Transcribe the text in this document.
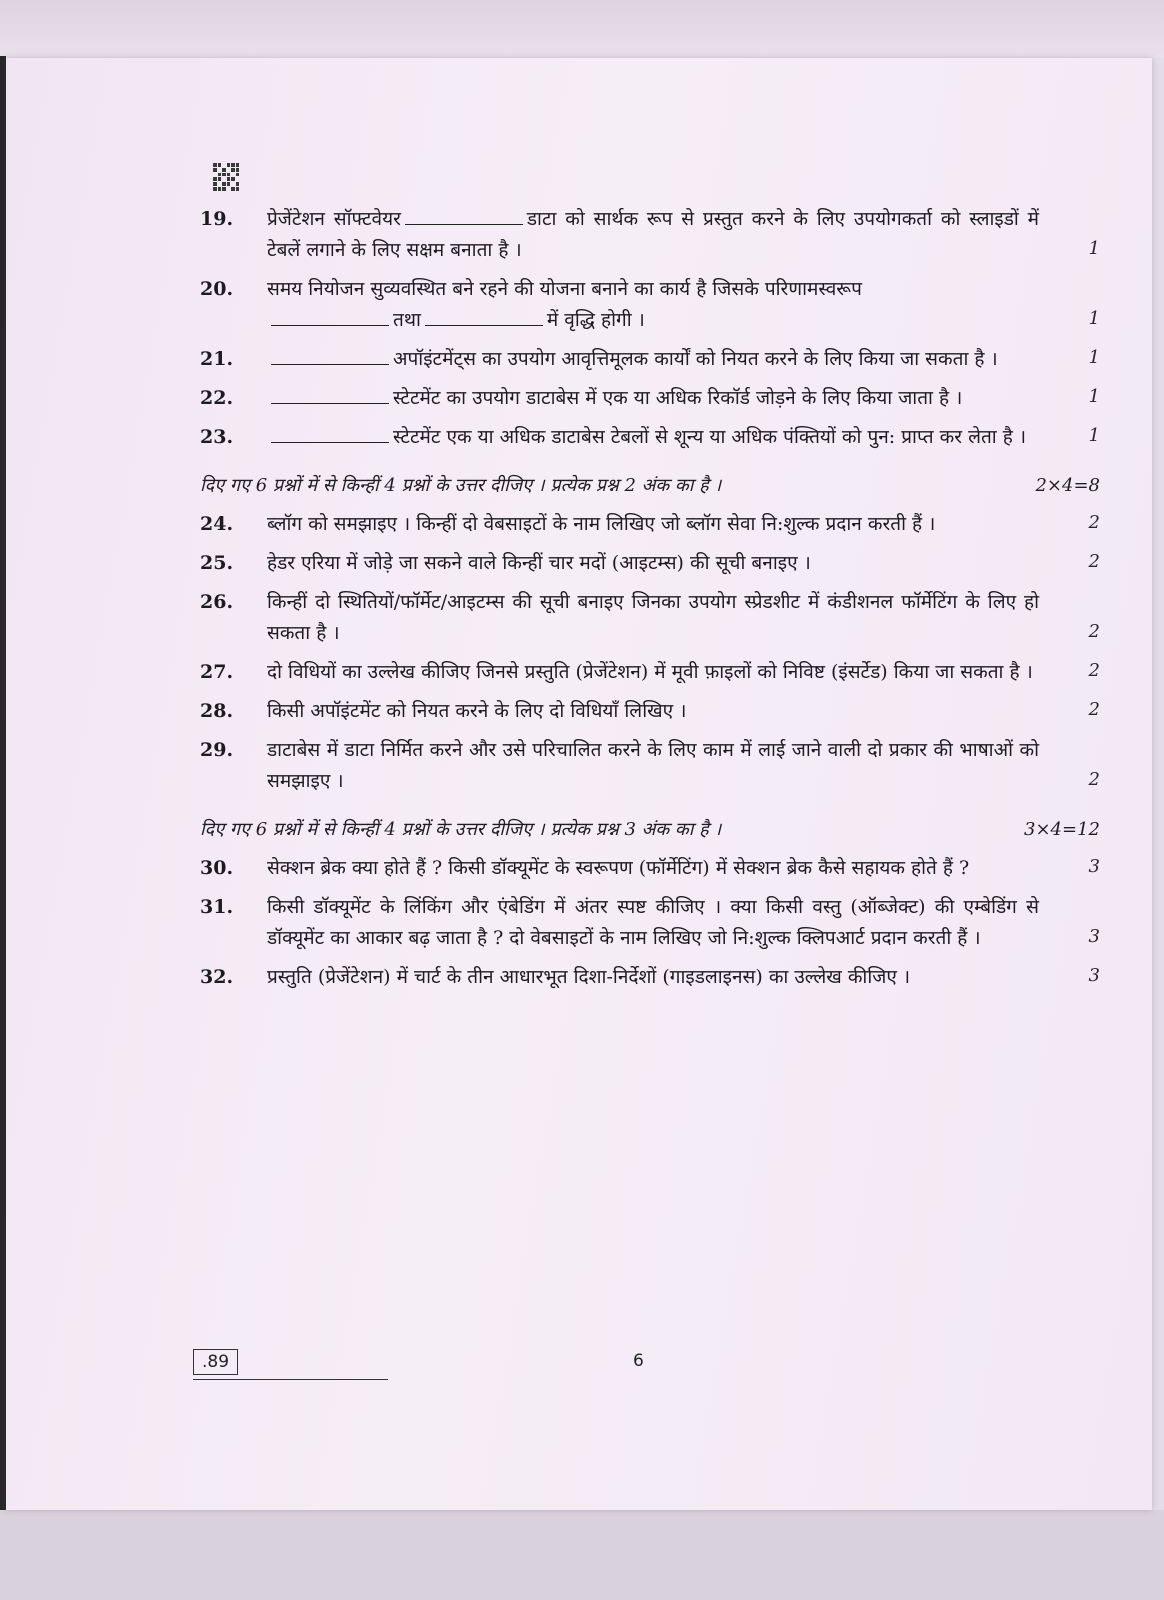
19.	प्रेजेंटेशन सॉफ्टवेयर	डाटा को सार्थक रूप से प्रस्तुत करने के लिए उपयोगकर्ता को स्लाइडों में टेबलें लगाने के लिए सक्षम बनाता है ।	1
20.	समय नियोजन सुव्यवस्थित बने रहने की योजना बनाने का कार्य है जिसके परिणामस्वरूप
तथा	में वृद्धि होगी ।	1
21.	अपॉइंटमेंट्स का उपयोग आवृत्तिमूलक कार्यों को नियत करने के लिए किया जा सकता है ।	1
22.	स्टेटमेंट का उपयोग डाटाबेस में एक या अधिक रिकॉर्ड जोड़ने के लिए किया जाता है ।	1
23.	स्टेटमेंट एक या अधिक डाटाबेस टेबलों से शून्य या अधिक पंक्तियों को पुन: प्राप्त कर लेता है ।	1
दिए गए 6 प्रश्नों में से किन्हीं 4 प्रश्नों के उत्तर दीजिए । प्रत्येक प्रश्न 2 अंक का है ।	2×4=8
24.	ब्लॉग को समझाइए । किन्हीं दो वेबसाइटों के नाम लिखिए जो ब्लॉग सेवा नि:शुल्क प्रदान करती हैं ।	2
25.	हेडर एरिया में जोड़े जा सकने वाले किन्हीं चार मदों (आइटम्स) की सूची बनाइए ।	2
26.	किन्हीं दो स्थितियों/फॉर्मेट/आइटम्स की सूची बनाइए जिनका उपयोग स्प्रेडशीट में कंडीशनल फॉर्मेटिंग के लिए हो सकता है ।	2
27.	दो विधियों का उल्लेख कीजिए जिनसे प्रस्तुति (प्रेजेंटेशन) में मूवी फ़ाइलों को निविष्ट (इंसर्टेड) किया जा सकता है ।	2
28.	किसी अपॉइंटमेंट को नियत करने के लिए दो विधियाँ लिखिए ।	2
29.	डाटाबेस में डाटा निर्मित करने और उसे परिचालित करने के लिए काम में लाई जाने वाली दो प्रकार की भाषाओं को समझाइए ।	2
दिए गए 6 प्रश्नों में से किन्हीं 4 प्रश्नों के उत्तर दीजिए । प्रत्येक प्रश्न 3 अंक का है ।	3×4=12
30.	सेक्शन ब्रेक क्या होते हैं ? किसी डॉक्यूमेंट के स्वरूपण (फॉर्मेटिंग) में सेक्शन ब्रेक कैसे सहायक होते हैं ?	3
31.	किसी डॉक्यूमेंट के लिंकिंग और एंबेडिंग में अंतर स्पष्ट कीजिए । क्या किसी वस्तु (ऑब्जेक्ट) की एम्बेडिंग से डॉक्यूमेंट का आकार बढ़ जाता है ? दो वेबसाइटों के नाम लिखिए जो नि:शुल्क क्लिपआर्ट प्रदान करती हैं ।	3
32.	प्रस्तुति (प्रेजेंटेशन) में चार्ट के तीन आधारभूत दिशा-निर्देशों (गाइडलाइनस) का उल्लेख कीजिए ।	3
.89	6
